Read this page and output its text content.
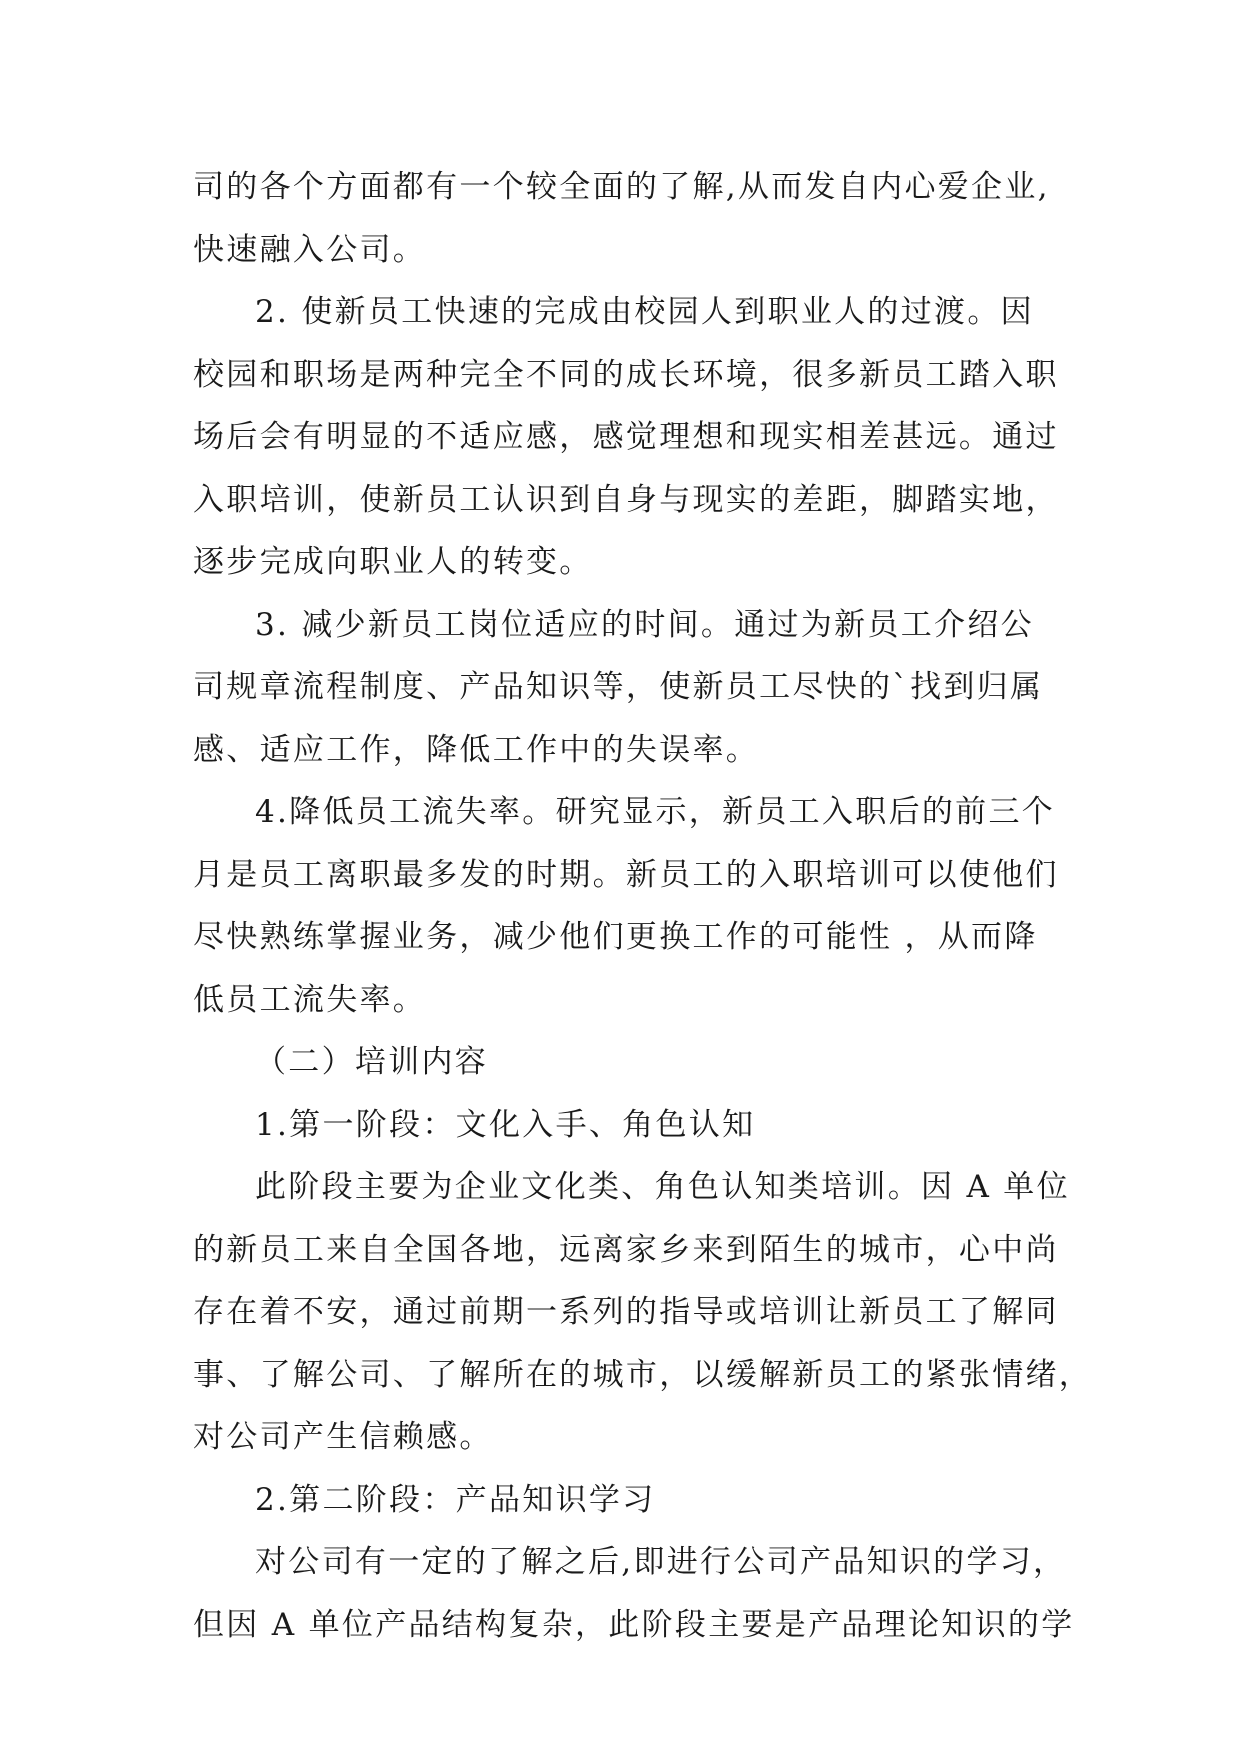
司的各个方面都有一个较全面的了解,从而发自内心爱企业,
快速融入公司。
2. 使新员工快速的完成由校园人到职业人的过渡。因
校园和职场是两种完全不同的成长环境，很多新员工踏入职
场后会有明显的不适应感，感觉理想和现实相差甚远。通过
入职培训，使新员工认识到自身与现实的差距，脚踏实地，
逐步完成向职业人的转变。
3. 减少新员工岗位适应的时间。通过为新员工介绍公
司规章流程制度、产品知识等，使新员工尽快的`找到归属
感、适应工作，降低工作中的失误率。
4.降低员工流失率。研究显示，新员工入职后的前三个
月是员工离职最多发的时期。新员工的入职培训可以使他们
尽快熟练掌握业务，减少他们更换工作的可能性 ，从而降
低员工流失率。
（二）培训内容
1.第一阶段：文化入手、角色认知
此阶段主要为企业文化类、角色认知类培训。因 A 单位
的新员工来自全国各地，远离家乡来到陌生的城市，心中尚
存在着不安，通过前期一系列的指导或培训让新员工了解同
事、了解公司、了解所在的城市，以缓解新员工的紧张情绪，
对公司产生信赖感。
2.第二阶段：产品知识学习
对公司有一定的了解之后,即进行公司产品知识的学习，
但因 A 单位产品结构复杂，此阶段主要是产品理论知识的学
